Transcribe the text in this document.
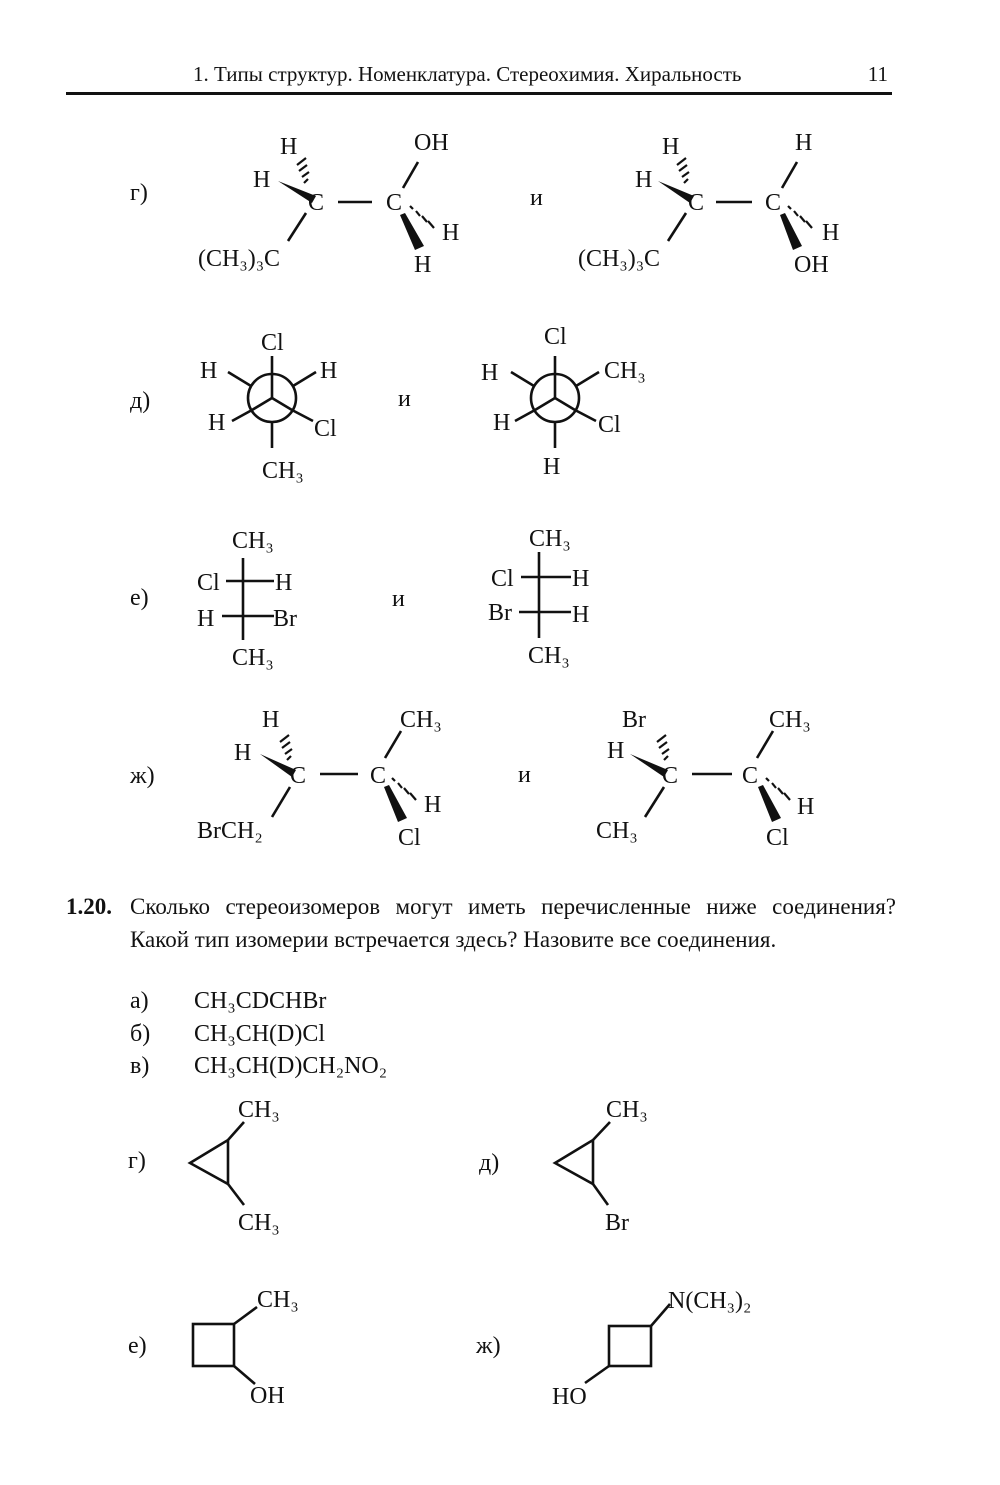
1. Типы структур. Номенклатура. Стереохимия. Хиральность	11
г)
H
H
C	C
OH
(CH₃)₃C
H
H
и
H
H
C	C
H
(CH₃)₃C
H
OH
д)
Cl
H	H
H	Cl
CH₃
и
Cl
H	CH₃
H	Cl
H
е)
CH₃
Cl H
H Br
CH₃
и
CH₃
Cl H
Br	H
CH₃
ж)
H
H
C	C
CH₃
BrCH₂
H
Cl
и
Br
H
C	C
CH₃
CH₃
H
Cl
г)
CH₃
CH₃
д)
CH₃
Br
е)
CH₃
OH
ж)
N(CH₃)₂
HO
1.20. Сколько стереоизомеров могут иметь перечисленные ниже соединения? Какой тип изомерии встречается здесь? Назовите все соединения.
а) CH₃CDCHBr
б) CH₃CH(D)Cl
в) CH₃CH(D)CH₂NO₂
